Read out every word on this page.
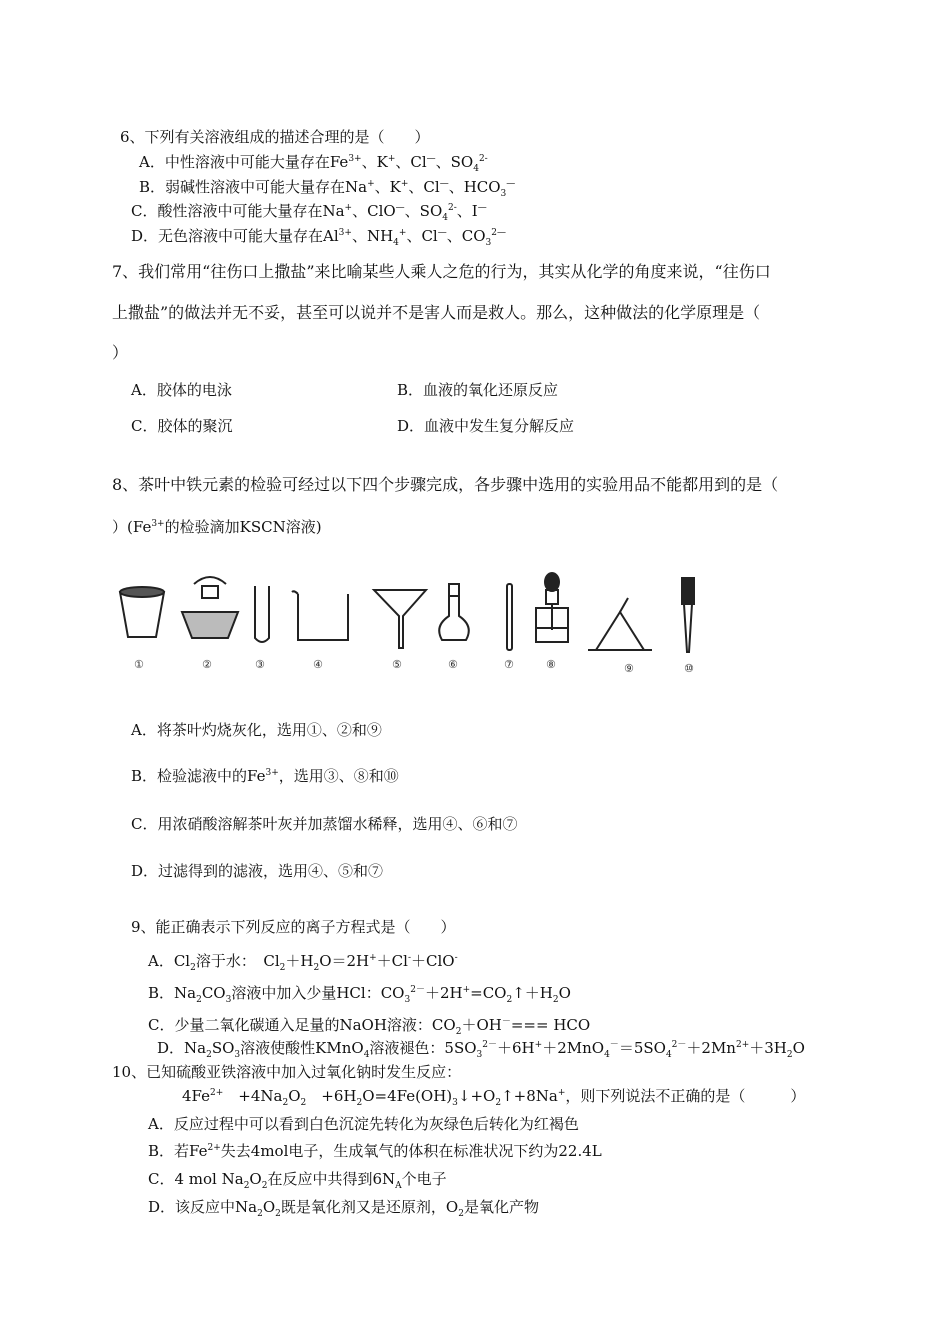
6、下列有关溶液组成的描述合理的是（　　）
A．中性溶液中可能大量存在$Fe^{3+}$、K+、Cl—、$SO_4^{2-}$
B．弱碱性溶液中可能大量存在Na+、K+、Cl—、$HCO_3^—$
C．酸性溶液中可能大量存在Na+、ClO—、$SO_4^{2-}$、I—
D．无色溶液中可能大量存在$Al^{3+}$、$NH_4^+$、Cl—、$CO_3^{2—}$
7、我们常用“往伤口上撒盐”来比喻某些人乘人之危的行为，其实从化学的角度来说，“往伤口
上撒盐”的做法并无不妥，甚至可以说并不是害人而是救人。那么，这种做法的化学原理是（
）
A．胶体的电泳	B．血液的氧化还原反应
C．胶体的聚沉	D．血液中发生复分解反应
8、茶叶中铁元素的检验可经过以下四个步骤完成，各步骤中选用的实验用品不能都用到的是（
）($Fe^{3+}$的检验滴加KSCN溶液)
①	②	③	④	⑤	⑥	⑦	⑧	⑨	⑩
A．将茶叶灼烧灰化，选用①、②和⑨
B．检验滤液中的$Fe^{3+}$，选用③、⑧和⑩
C．用浓硝酸溶解茶叶灰并加蒸馏水稀释，选用④、⑥和⑦
D．过滤得到的滤液，选用④、⑤和⑦
9、能正确表示下列反应的离子方程式是（　　）
A．$Cl_2$溶于水：　$Cl_2+H_2O=2H^++Cl^-+ClO^-$
B．$Na_2CO_3$溶液中加入少量HCl：$CO_3^{2-}+2H^+=CO_2↑+H_2O$
C．少量二氧化碳通入足量的NaOH溶液：$CO_2+OH^-===$ HCO
D．$Na_2SO_3$溶液使酸性KMnO$_4$溶液褪色：$5SO_3^{2-}+6H^++2MnO_4^-=5SO_4^{2-}+2Mn^{2+}+3H_2O$
10、已知硫酸亚铁溶液中加入过氧化钠时发生反应：
$4Fe^{2+}$　$+4Na_2O_2$　$+6H_2O=4Fe(OH)_3↓+O_2↑+8Na^+$，则下列说法不正确的是（　　　）
A．反应过程中可以看到白色沉淀先转化为灰绿色后转化为红褐色
B．若$Fe^{2+}$失去4mol电子，生成氧气的体积在标准状况下约为22.4L
C．4 mol $Na_2O_2$在反应中共得到$6N_A$个电子
D．该反应中$Na_2O_2$既是氧化剂又是还原剂，$O_2$是氧化产物
